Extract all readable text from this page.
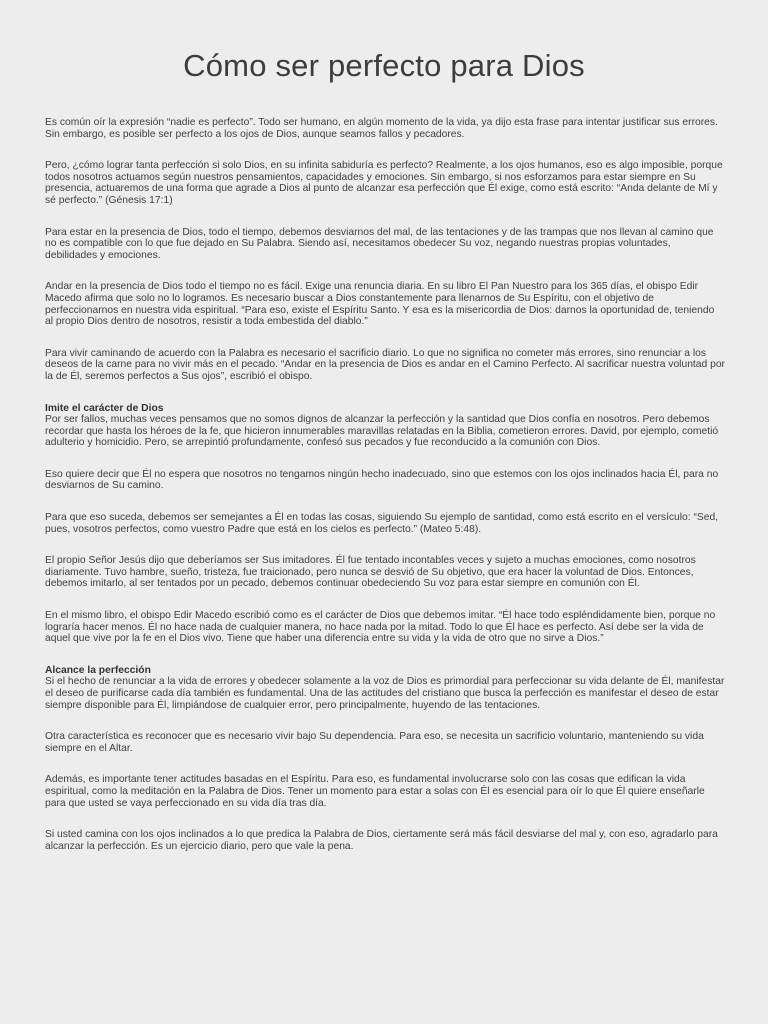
Cómo ser perfecto para Dios

Es común oír la expresión “nadie es perfecto”. Todo ser humano, en algún momento de la vida, ya dijo esta frase para intentar justificar sus errores. Sin embargo, es posible ser perfecto a los ojos de Dios, aunque seamos fallos y pecadores.

Pero, ¿cómo lograr tanta perfección si solo Dios, en su infinita sabiduría es perfecto? Realmente, a los ojos humanos, eso es algo imposible, porque todos nosotros actuamos según nuestros pensamientos, capacidades y emociones. Sin embargo, si nos esforzamos para estar siempre en Su presencia, actuaremos de una forma que agrade a Dios al punto de alcanzar esa perfección que Él exige, como está escrito: “Anda delante de Mí y sé perfecto.” (Génesis 17:1)

Para estar en la presencia de Dios, todo el tiempo, debemos desviarnos del mal, de las tentaciones y de las trampas que nos llevan al camino que no es compatible con lo que fue dejado en Su Palabra. Siendo así, necesitamos obedecer Su voz, negando nuestras propias voluntades, debilidades y emociones.

Andar en la presencia de Dios todo el tiempo no es fácil. Exige una renuncia diaria. En su libro El Pan Nuestro para los 365 días, el obispo Edir Macedo afirma que solo no lo logramos. Es necesario buscar a Dios constantemente para llenarnos de Su Espíritu, con el objetivo de perfeccionarnos en nuestra vida espiritual. “Para eso, existe el Espíritu Santo. Y esa es la misericordia de Dios: darnos la oportunidad de, teniendo al propio Dios dentro de nosotros, resistir a toda embestida del diablo.”

Para vivir caminando de acuerdo con la Palabra es necesario el sacrificio diario. Lo que no significa no cometer más errores, sino renunciar a los deseos de la carne para no vivir más en el pecado. “Andar en la presencia de Dios es andar en el Camino Perfecto. Al sacrificar nuestra voluntad por la de Él, seremos perfectos a Sus ojos”, escribió el obispo.

Imite el carácter de Dios
Por ser fallos, muchas veces pensamos que no somos dignos de alcanzar la perfección y la santidad que Dios confía en nosotros. Pero debemos recordar que hasta los héroes de la fe, que hicieron innumerables maravillas relatadas en la Biblia, cometieron errores. David, por ejemplo, cometió adulterio y homicidio. Pero, se arrepintió profundamente, confesó sus pecados y fue reconducido a la comunión con Dios.

Eso quiere decir que Él no espera que nosotros no tengamos ningún hecho inadecuado, sino que estemos con los ojos inclinados hacia Él, para no desviarnos de Su camino.

Para que eso suceda, debemos ser semejantes a Él en todas las cosas, siguiendo Su ejemplo de santidad, como está escrito en el versículo: “Sed, pues, vosotros perfectos, como vuestro Padre que está en los cielos es perfecto.” (Mateo 5:48).

El propio Señor Jesús dijo que deberíamos ser Sus imitadores. Él fue tentado incontables veces y sujeto a muchas emociones, como nosotros diariamente. Tuvo hambre, sueño, tristeza, fue traicionado, pero nunca se desvió de Su objetivo, que era hacer la voluntad de Dios. Entonces, debemos imitarlo, al ser tentados por un pecado, debemos continuar obedeciendo Su voz para estar siempre en comunión con Él.

En el mismo libro, el obispo Edir Macedo escribió como es el carácter de Dios que debemos imitar. “Él hace todo espléndidamente bien, porque no lograría hacer menos. Él no hace nada de cualquier manera, no hace nada por la mitad. Todo lo que Él hace es perfecto. Así debe ser la vida de aquel que vive por la fe en el Dios vivo. Tiene que haber una diferencia entre su vida y la vida de otro que no sirve a Dios.”

Alcance la perfección
Si el hecho de renunciar a la vida de errores y obedecer solamente a la voz de Dios es primordial para perfeccionar su vida delante de Él, manifestar el deseo de purificarse cada día también es fundamental. Una de las actitudes del cristiano que busca la perfección es manifestar el deseo de estar siempre disponible para Él, limpiándose de cualquier error, pero principalmente, huyendo de las tentaciones.

Otra característica es reconocer que es necesario vivir bajo Su dependencia. Para eso, se necesita un sacrificio voluntario, manteniendo su vida siempre en el Altar.

Además, es importante tener actitudes basadas en el Espíritu. Para eso, es fundamental involucrarse solo con las cosas que edifican la vida espiritual, como la meditación en la Palabra de Dios. Tener un momento para estar a solas con Él es esencial para oír lo que Él quiere enseñarle para que usted se vaya perfeccionado en su vida día tras día.

Si usted camina con los ojos inclinados a lo que predica la Palabra de Dios, ciertamente será más fácil desviarse del mal y, con eso, agradarlo para alcanzar la perfección. Es un ejercicio diario, pero que vale la pena.
